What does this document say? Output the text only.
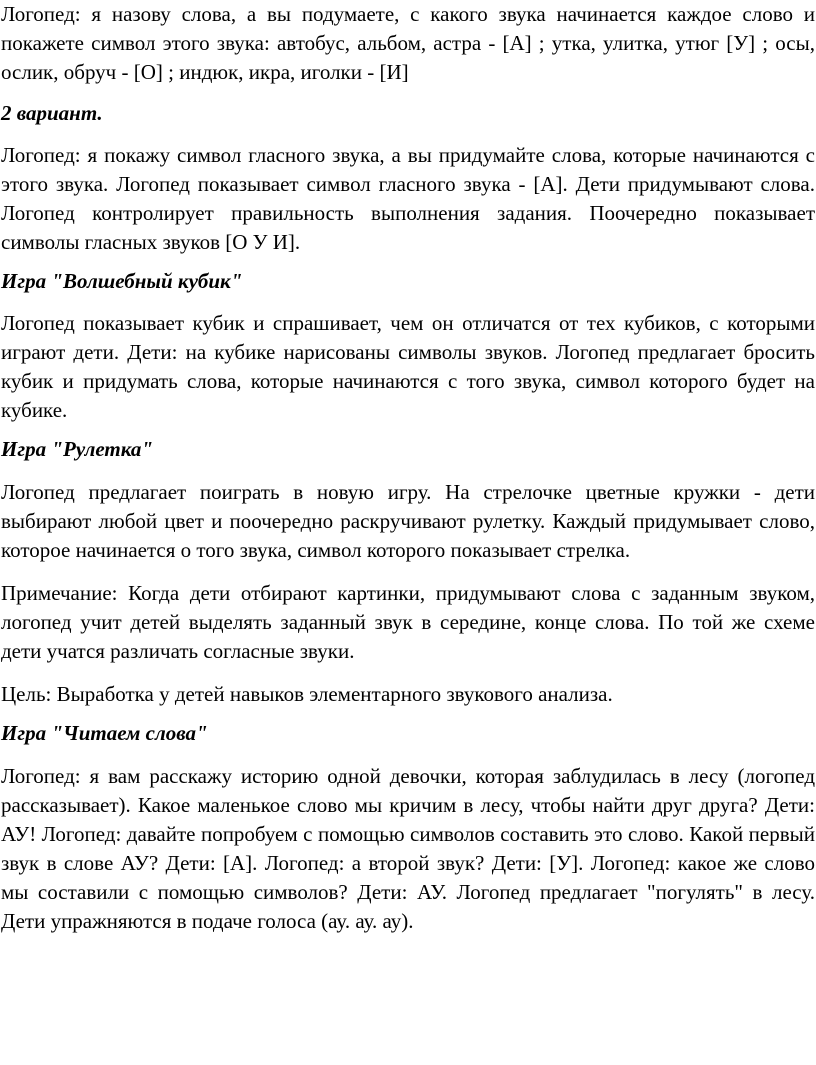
Логопед: я назову слова, а вы подумаете, с какого звука начинается каждое слово и покажете символ этого звука: автобус, альбом, астра - [А] ; утка, улитка, утюг [У] ; осы, ослик, обруч - [О] ; индюк, икра, иголки - [И]

2 вариант.

Логопед: я покажу символ гласного звука, а вы придумайте слова, которые начинаются с этого звука. Логопед показывает символ гласного звука - [А]. Дети придумывают слова. Логопед контролирует правильность выполнения задания. Поочередно показывает символы гласных звуков [О У И].

Игра "Волшебный кубик"

Логопед показывает кубик и спрашивает, чем он отличатся от тех кубиков, с которыми играют дети. Дети: на кубике нарисованы символы звуков. Логопед предлагает бросить кубик и придумать слова, которые начинаются с того звука, символ которого будет на кубике.

Игра "Рулетка"

Логопед предлагает поиграть в новую игру. На стрелочке цветные кружки - дети выбирают любой цвет и поочередно раскручивают рулетку. Каждый придумывает слово, которое начинается о того звука, символ которого показывает стрелка.

Примечание: Когда дети отбирают картинки, придумывают слова с заданным звуком, логопед учит детей выделять заданный звук в середине, конце слова. По той же схеме дети учатся различать согласные звуки.

Цель: Выработка у детей навыков элементарного звукового анализа.

Игра "Читаем слова"

Логопед: я вам расскажу историю одной девочки, которая заблудилась в лесу (логопед рассказывает). Какое маленькое слово мы кричим в лесу, чтобы найти друг друга? Дети: АУ! Логопед: давайте попробуем с помощью символов составить это слово. Какой первый звук в слове АУ? Дети: [А]. Логопед: а второй звук? Дети: [У]. Логопед: какое же слово мы составили с помощью символов? Дети: АУ. Логопед предлагает "погулять" в лесу. Дети упражняются в подаче голоса (ау. ау. ау).
